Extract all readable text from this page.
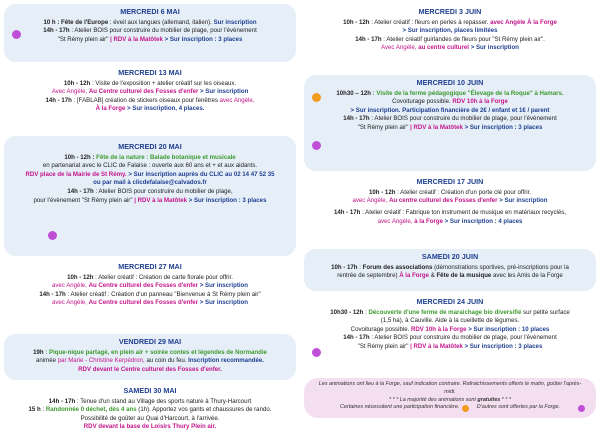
MERCREDI 6 MAI
10 h : Fête de l'Europe : éveil aux langues (allemand, italien). Sur inscription
14h - 17h : Atelier BOIS pour construire du mobilier de plage, pour l'évènement
"St Rémy plein air" | RDV à la Matôtek > Sur inscription : 3 places
MERCREDI 13 MAI
10h - 12h : Visite de l'exposition + atelier créatif sur les oiseaux.
Avec Angèle, Au Centre culturel des Fosses d'enfer > Sur inscription
14h - 17h : [FABLAB] création de stickers oiseaux pour fenêtres avec Angèle,
À la Forge > Sur inscription, 4 places.
MERCREDI 20 MAI
10h - 12h : Fête de la nature : Balade botanique et musicale
en partenariat avec le CLIC de Falaise : ouverte aux 60 ans et + et aux aidants.
RDV place de la Mairie de St Rémy. > Sur inscription auprès du CLIC au 02 14 47 52 35
ou par mail à clicdefalaise@calvados.fr
14h - 17h : Atelier BOIS pour construire du mobilier de plage,
pour l'évènement "St Rémy plein air" | RDV à la Matôtek > Sur inscription : 3 places
MERCREDI 27 MAI
10h - 12h : Atelier créatif : Création de carte florale pour offrir.
avec Angèle, Au Centre culturel des Fosses d'enfer > Sur inscription
14h - 17h : Atelier créatif : Création d'un panneau "Bienvenue à St Rémy plein air"
avec Angèle, Au Centre culturel des Fosses d'enfer > Sur inscription
VENDREDI 29 MAI
19h : Pique-nique partagé, en plein air + soirée contes et légendes de Normandie
animée par Marie - Christine Kerpédron, au coin du feu. Inscription recommandée.
RDV devant le Centre culturel des Fosses d'enfer.
SAMEDI 30 MAI
14h - 17h : Tenue d'un stand au Village des sports nature à Thury-Harcourt
15 h : Randonnée 0 déchet, dès 4 ans (1h). Apportez vos gants et chaussures de rando.
Possibilité de goûter au Quai d'Harcourt, à l'arrivée.
RDV devant la base de Loisirs Thury Plein air.
MERCREDI 3 JUIN
10h - 12h : Atelier créatif : fleurs en perles à repasser. avec Angèle À la Forge
> Sur inscription, places limitées
14h - 17h : Atelier créatif guirlandes de fleurs pour "St Rémy plein air".
Avec Angèle, au centre culturel > Sur inscription
MERCREDI 10 JUIN
10h30 – 12h : Visite de la ferme pédagogique "Élevage de la Roque" à Hamars.
Covoiturage possible. RDV 10h à la Forge
> Sur inscription. Participation financière de 2€ / enfant et 1€ / parent
14h - 17h : Atelier BOIS pour construire du mobilier de plage, pour l'évènement
"St Rémy plein air" | RDV à la Matôtek > Sur inscription : 3 places
MERCREDI 17 JUIN
10h - 12h : Atelier créatif : Création d'un porte clé pour offrir.
avec Angèle, Au centre culturel des Fosses d'enfer > Sur inscription
14h - 17h : Atelier créatif : Fabrique ton instrument de musique en matériaux recyclés,
avec Angèle, à la Forge > Sur inscription : 4 places
SAMEDI 20 JUIN
10h - 17h : Forum des associations (démonstrations sportives, pré-inscriptions pour la
rentrée de septembre) À la Forge & Fête de la musique avec les Amis de la Forge
MERCREDI 24 JUIN
10h30 - 12h : Découverte d'une ferme de maraichage bio diversifié sur petite surface
(1,5 ha), à Cauville. Aide à la cueillette de légumes.
Covoiturage possible. RDV 10h à la Forge > Sur inscription : 10 places
14h - 17h : Atelier BOIS pour construire du mobilier de plage, pour l'évènement
"St Rémy plein air" | RDV à la Matôtek > Sur inscription : 3 places
Les animations ont lieu à la Forge, sauf indication contraire. Rafraichissements offerts le matin, goûter l'après-midi.
* * * La majorité des animations sont gratuites * * *
Certaines nécessitent une participation financière.	D'autres sont offertes par la Forge.
